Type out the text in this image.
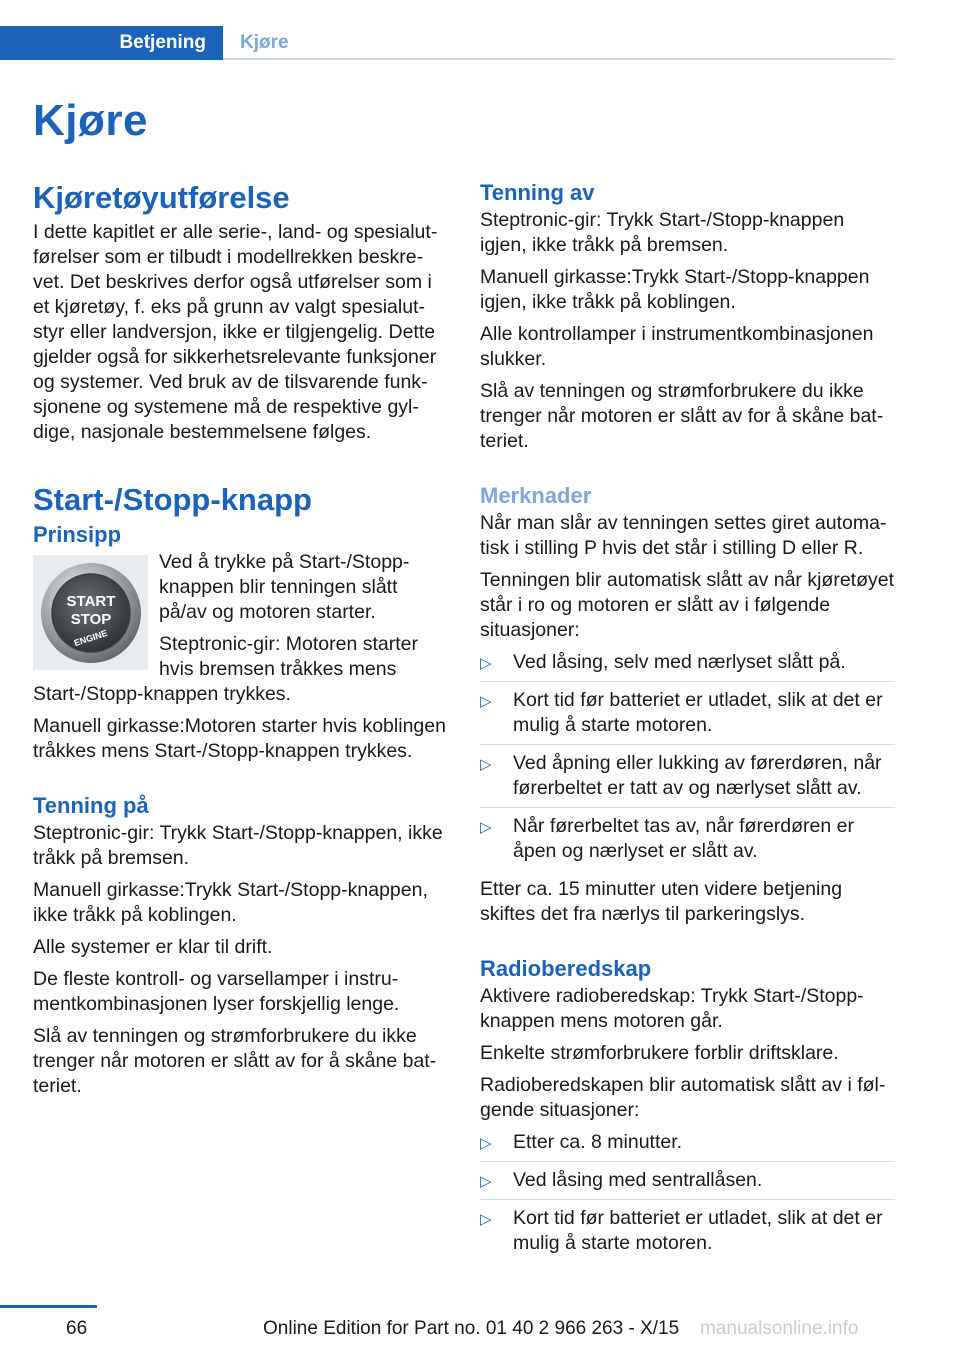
Betjening	Kjøre
Kjøre
Kjøretøyutførelse

I dette kapitlet er alle serie-, land- og spesialutførelser som er tilbudt i modellrekken beskrevet. Det beskrives derfor også utførelser som i et kjøretøy, f. eks på grunn av valgt spesialutstyr eller landversjon, ikke er tilgjengelig. Dette gjelder også for sikkerhetsrelevante funksjoner og systemer. Ved bruk av de tilsvarende funksjonene og systemene må de respektive gyldige, nasjonale bestemmelsene følges.

Start-/Stopp-knapp
Prinsipp
START
STOP
ENGINE

Ved å trykke på Start-/Stopp-knappen blir tenningen slått på/av og motoren starter.

Steptronic-gir: Motoren starter hvis bremsen tråkkes mens Start-/Stopp-knappen trykkes.

Manuell girkasse:Motoren starter hvis koblingen tråkkes mens Start-/Stopp-knappen trykkes.

Tenning på

Steptronic-gir: Trykk Start-/Stopp-knappen, ikke tråkk på bremsen.

Manuell girkasse:Trykk Start-/Stopp-knappen, ikke tråkk på koblingen.

Alle systemer er klar til drift.

De fleste kontroll- og varsellamper i instrumentkombinasjonen lyser forskjellig lenge.

Slå av tenningen og strømforbrukere du ikke trenger når motoren er slått av for å skåne batteriet.

Tenning av

Steptronic-gir: Trykk Start-/Stopp-knappen igjen, ikke tråkk på bremsen.

Manuell girkasse:Trykk Start-/Stopp-knappen igjen, ikke tråkk på koblingen.

Alle kontrollamper i instrumentkombinasjonen slukker.

Slå av tenningen og strømforbrukere du ikke trenger når motoren er slått av for å skåne batteriet.

Merknader

Når man slår av tenningen settes giret automatisk i stilling P hvis det står i stilling D eller R.

Tenningen blir automatisk slått av når kjøretøyet står i ro og motoren er slått av i følgende situasjoner:

▷ Ved låsing, selv med nærlyset slått på.
▷ Kort tid før batteriet er utladet, slik at det er mulig å starte motoren.
▷ Ved åpning eller lukking av førerdøren, når førerbeltet er tatt av og nærlyset slått av.
▷ Når førerbeltet tas av, når førerdøren er åpen og nærlyset er slått av.

Etter ca. 15 minutter uten videre betjening skiftes det fra nærlys til parkeringslys.

Radioberedskap

Aktivere radioberedskap: Trykk Start-/Stopp-knappen mens motoren går.

Enkelte strømforbrukere forblir driftsklare.

Radioberedskapen blir automatisk slått av i følgende situasjoner:

▷ Etter ca. 8 minutter.
▷ Ved låsing med sentrallåsen.
▷ Kort tid før batteriet er utladet, slik at det er mulig å starte motoren.
66	Online Edition for Part no. 01 40 2 966 263 - X/15 manualsonline.info
